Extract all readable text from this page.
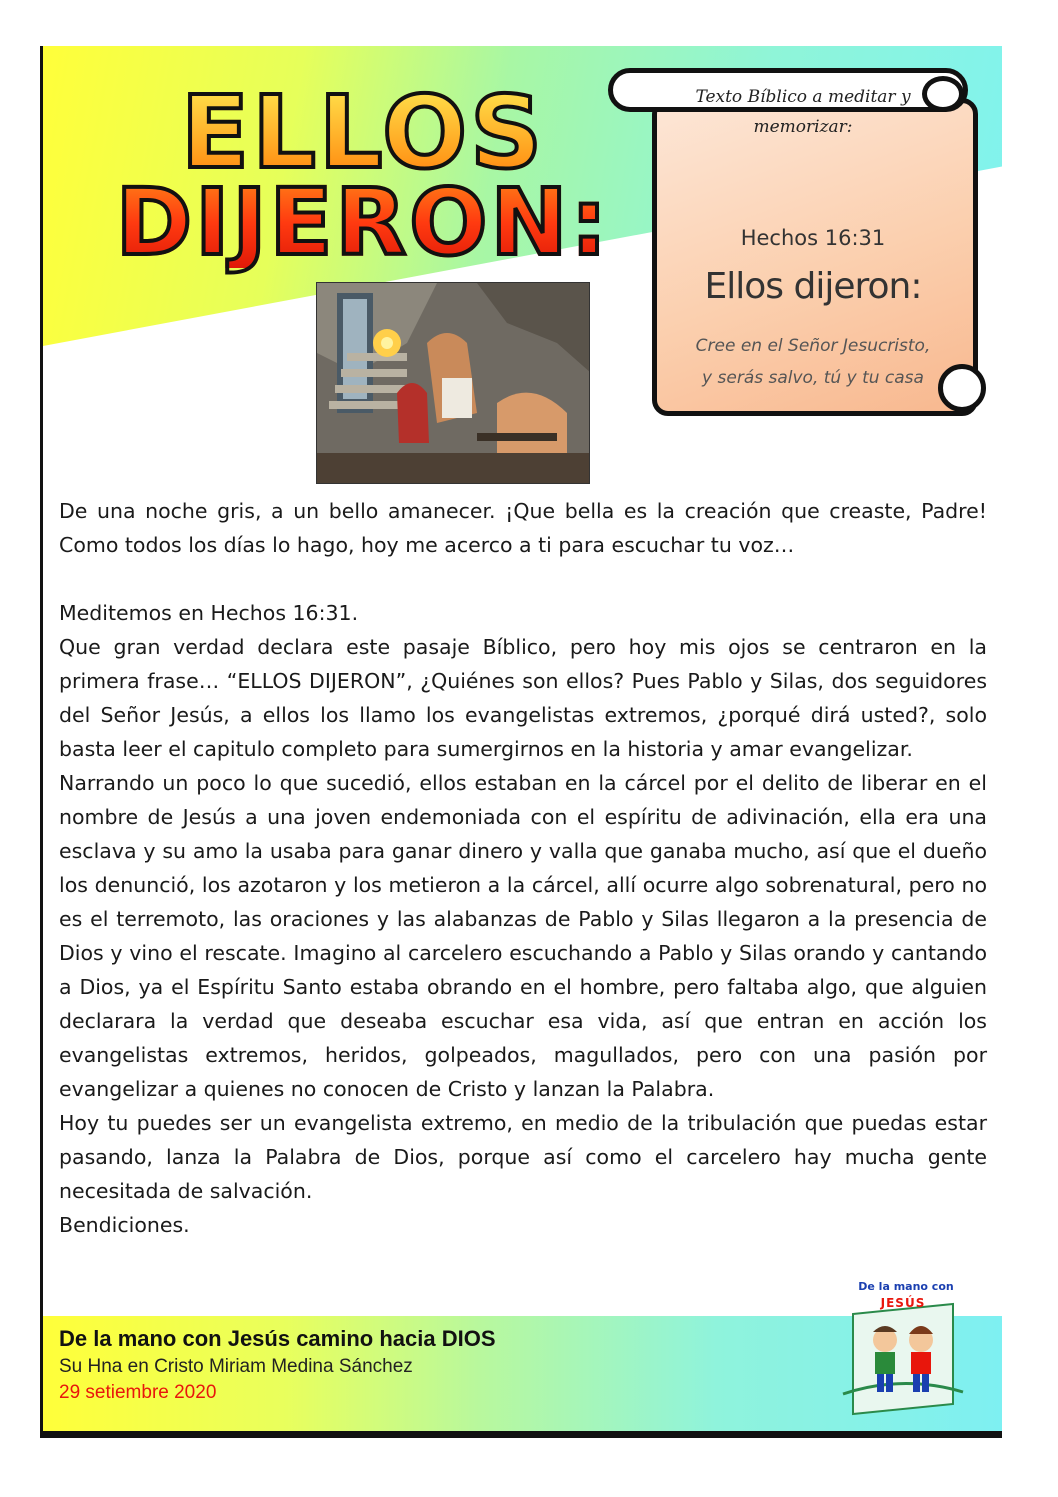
ELLOS
DIJERON:
Texto Bíblico a meditar y memorizar:
Hechos 16:31
Ellos dijeron:
Cree en el Señor Jesucristo,
y serás salvo, tú y tu casa

De una noche gris, a un bello amanecer. ¡Que bella es la creación que creaste, Padre! Como todos los días lo hago, hoy me acerco a ti para escuchar tu voz…

Meditemos en Hechos 16:31.

Que gran verdad declara este pasaje Bíblico, pero hoy mis ojos se centraron en la primera frase… “ELLOS DIJERON”, ¿Quiénes son ellos? Pues Pablo y Silas, dos seguidores del Señor Jesús, a ellos los llamo los evangelistas extremos, ¿porqué dirá usted?, solo basta leer el capitulo completo para sumergirnos en la historia y amar evangelizar.

Narrando un poco lo que sucedió, ellos estaban en la cárcel por el delito de liberar en el nombre de Jesús a una joven endemoniada con el espíritu de adivinación, ella era una esclava y su amo la usaba para ganar dinero y valla que ganaba mucho, así que el dueño los denunció, los azotaron y los metieron a la cárcel, allí ocurre algo sobrenatural, pero no es el terremoto, las oraciones y las alabanzas de Pablo y Silas llegaron a la presencia de Dios y vino el rescate. Imagino al carcelero escuchando a Pablo y Silas orando y cantando a Dios, ya el Espíritu Santo estaba obrando en el hombre, pero faltaba algo, que alguien declarara la verdad que deseaba escuchar esa vida, así que entran en acción los evangelistas extremos, heridos, golpeados, magullados, pero con una pasión por evangelizar a quienes no conocen de Cristo y lanzan la Palabra.

Hoy tu puedes ser un evangelista extremo, en medio de la tribulación que puedas estar pasando, lanza la Palabra de Dios, porque así como el carcelero hay mucha gente necesitada de salvación.

Bendiciones.

De la mano con Jesús camino hacia DIOS
Su Hna en Cristo Miriam Medina Sánchez
29 setiembre 2020
De la mano con
JESÚS
